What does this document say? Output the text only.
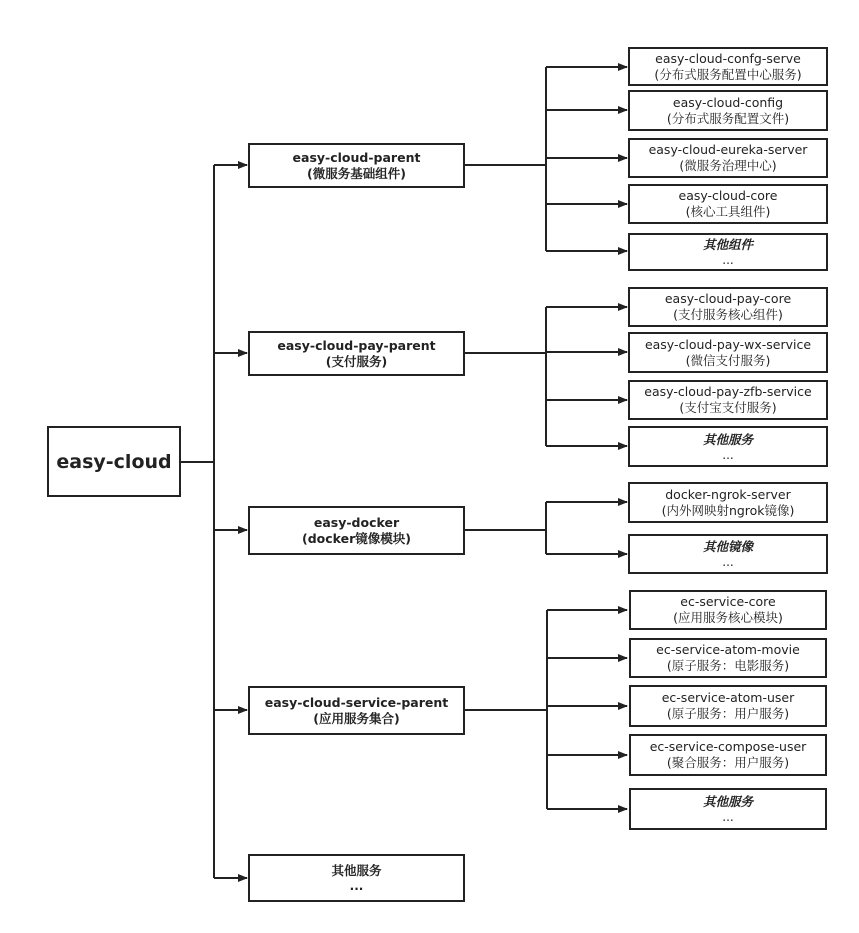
easy-cloud
easy-cloud-parent
(微服务基础组件)
easy-cloud-confg-serve
(分布式服务配置中心服务)
easy-cloud-config
(分布式服务配置文件)
easy-cloud-eureka-server
(微服务治理中心)
easy-cloud-core
(核心工具组件)
其他组件
...
easy-cloud-pay-parent
(支付服务)
easy-cloud-pay-core
(支付服务核心组件)
easy-cloud-pay-wx-service
(微信支付服务)
easy-cloud-pay-zfb-service
(支付宝支付服务)
其他服务
...
easy-docker
(docker镜像模块)
docker-ngrok-server
(内外网映射ngrok镜像)
其他镜像
...
easy-cloud-service-parent
(应用服务集合)
ec-service-core
(应用服务核心模块)
ec-service-atom-movie
(原子服务：电影服务)
ec-service-atom-user
(原子服务：用户服务)
ec-service-compose-user
(聚合服务：用户服务)
其他服务
...
其他服务
...
